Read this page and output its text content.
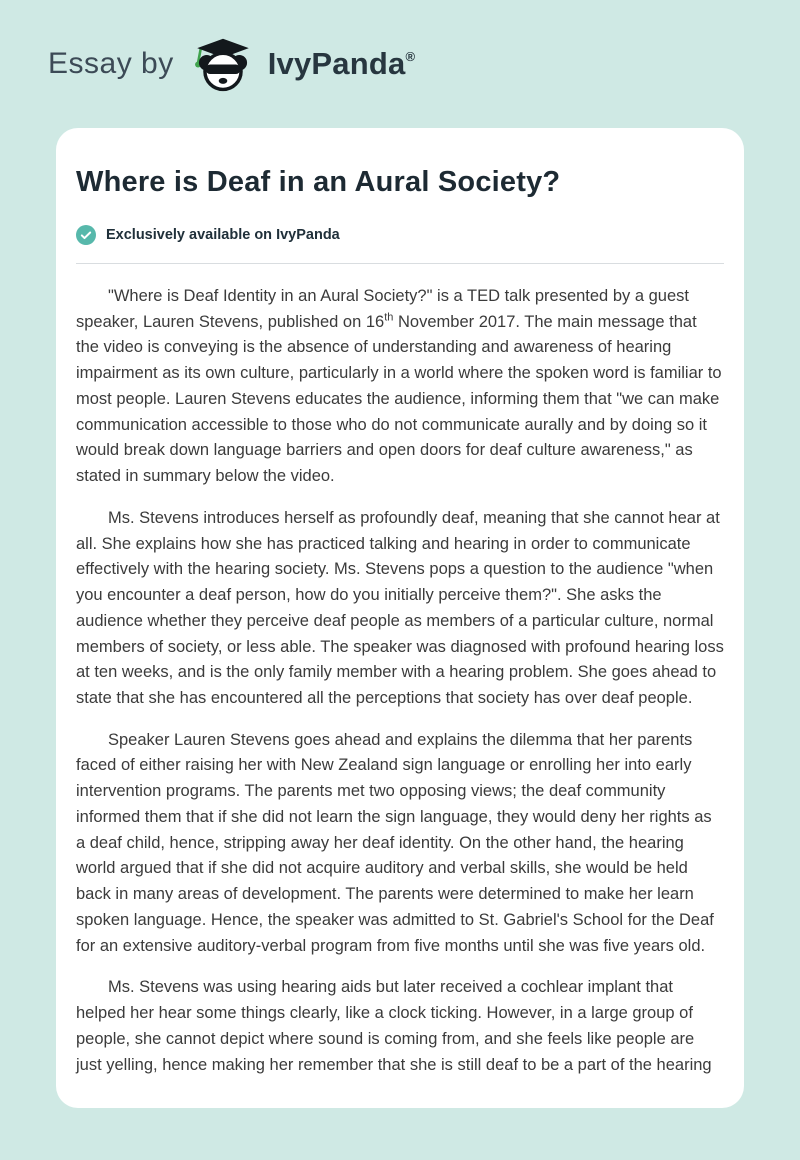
Essay by	IvyPanda®
Where is Deaf in an Aural Society?
Exclusively available on IvyPanda

"Where is Deaf Identity in an Aural Society?" is a TED talk presented by a guest speaker, Lauren Stevens, published on 16th November 2017. The main message that the video is conveying is the absence of understanding and awareness of hearing impairment as its own culture, particularly in a world where the spoken word is familiar to most people. Lauren Stevens educates the audience, informing them that "we can make communication accessible to those who do not communicate aurally and by doing so it would break down language barriers and open doors for deaf culture awareness," as stated in summary below the video.

Ms. Stevens introduces herself as profoundly deaf, meaning that she cannot hear at all. She explains how she has practiced talking and hearing in order to communicate effectively with the hearing society. Ms. Stevens pops a question to the audience "when you encounter a deaf person, how do you initially perceive them?". She asks the audience whether they perceive deaf people as members of a particular culture, normal members of society, or less able. The speaker was diagnosed with profound hearing loss at ten weeks, and is the only family member with a hearing problem. She goes ahead to state that she has encountered all the perceptions that society has over deaf people.

Speaker Lauren Stevens goes ahead and explains the dilemma that her parents faced of either raising her with New Zealand sign language or enrolling her into early intervention programs. The parents met two opposing views; the deaf community informed them that if she did not learn the sign language, they would deny her rights as a deaf child, hence, stripping away her deaf identity. On the other hand, the hearing world argued that if she did not acquire auditory and verbal skills, she would be held back in many areas of development. The parents were determined to make her learn spoken language. Hence, the speaker was admitted to St. Gabriel's School for the Deaf for an extensive auditory-verbal program from five months until she was five years old.

Ms. Stevens was using hearing aids but later received a cochlear implant that helped her hear some things clearly, like a clock ticking. However, in a large group of people, she cannot depict where sound is coming from, and she feels like people are just yelling, hence making her remember that she is still deaf to be a part of the hearing
